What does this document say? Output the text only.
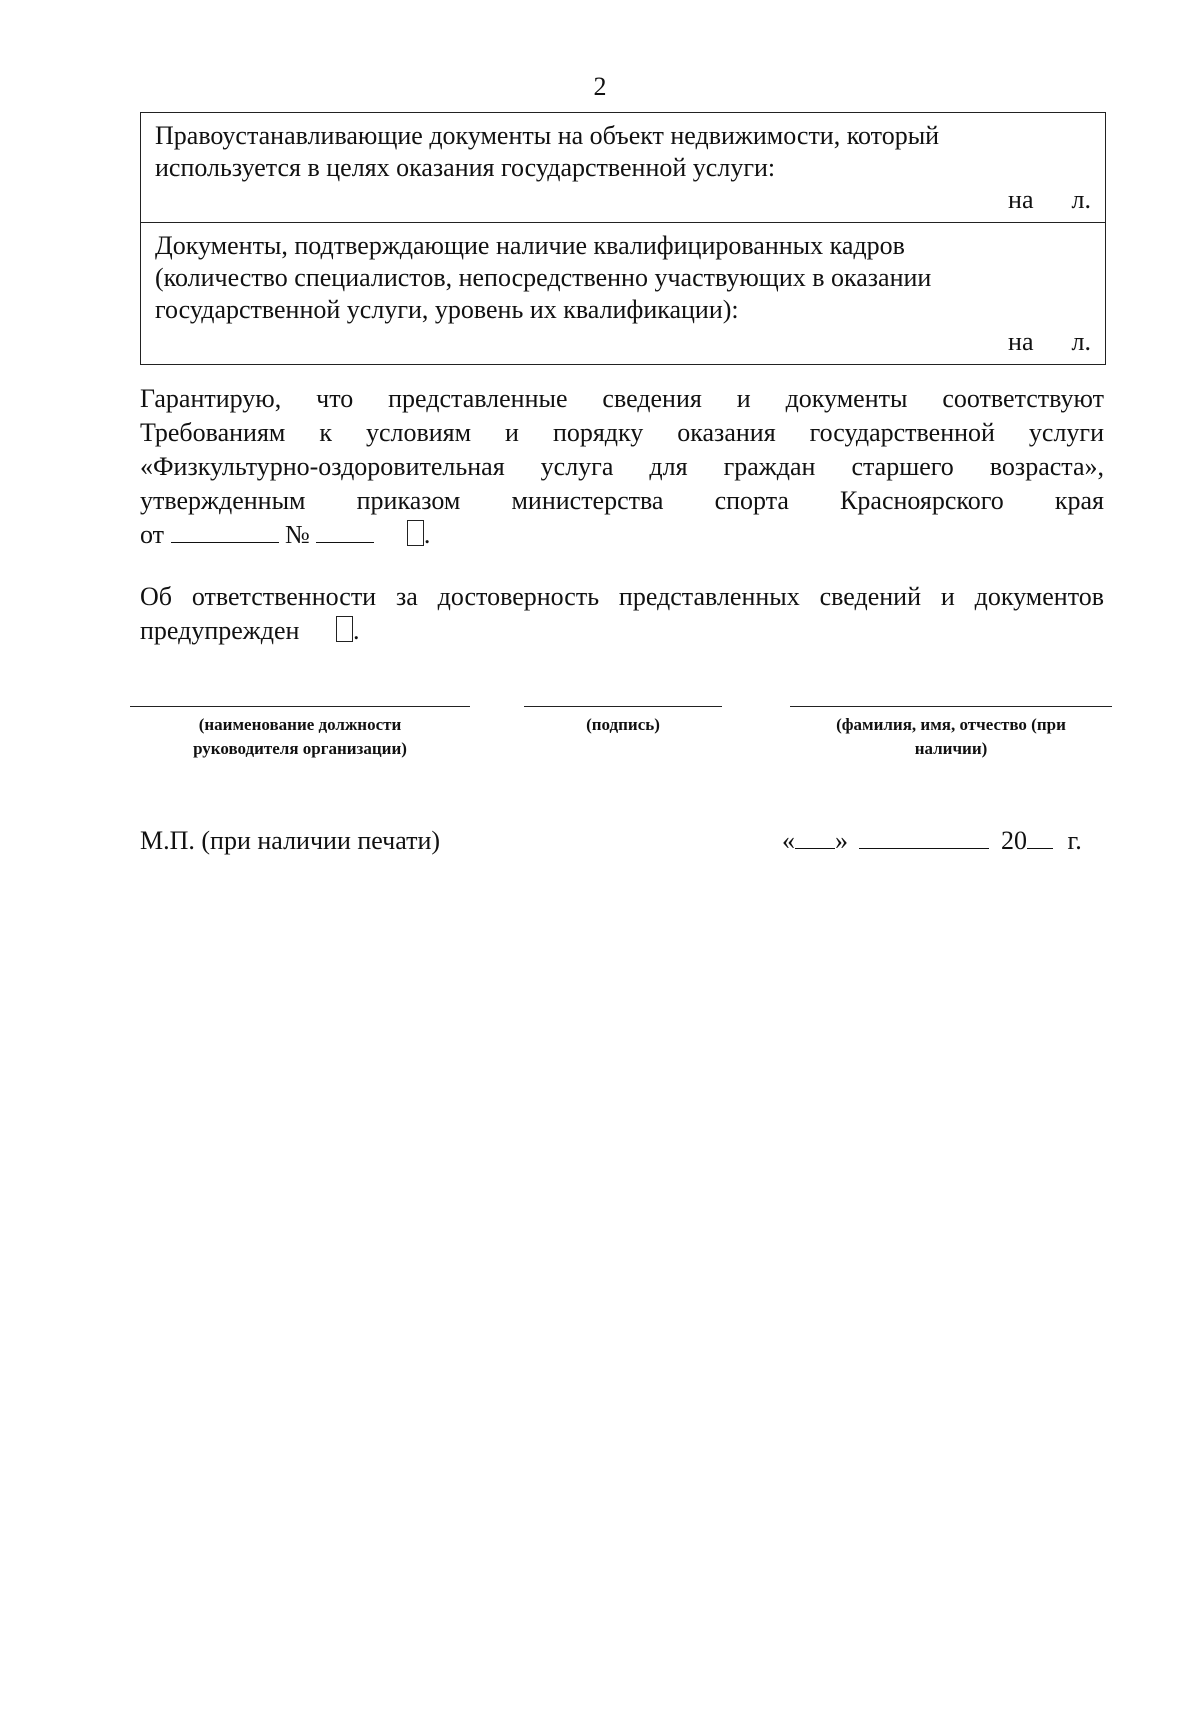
2
Правоустанавливающие документы на объект недвижимости, который
используется в целях оказания государственной услуги:
на л.
Документы, подтверждающие наличие квалифицированных кадров
(количество специалистов, непосредственно участвующих в оказании
государственной услуги, уровень их квалификации):
на л.
Гарантирую, что представленные сведения и документы соответствуют
Требованиям к условиям и порядку оказания государственной услуги
«Физкультурно-оздоровительная услуга для граждан старшего возраста»,
утвержденным приказом министерства спорта Красноярского края
от	№	.
Об ответственности за достоверность представленных сведений и документов
предупрежден .
(наименование должности
руководителя организации)
(подпись)	(фамилия, имя, отчество (при
наличии)
М.П. (при наличии печати)	« »	20 г.
